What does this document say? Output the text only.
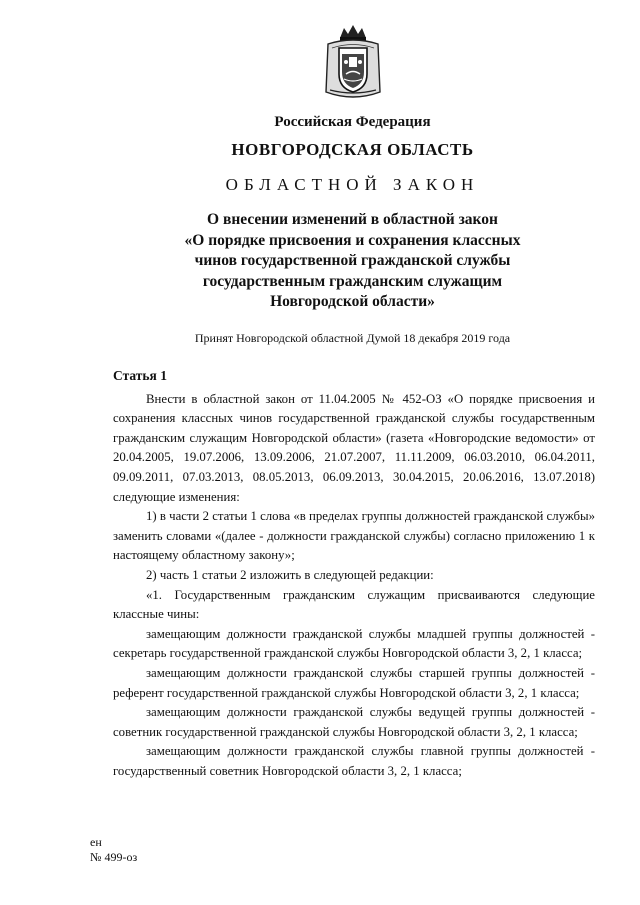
Российская Федерация
НОВГОРОДСКАЯ ОБЛАСТЬ
ОБЛАСТНОЙ ЗАКОН
О внесении изменений в областной закон
«О порядке присвоения и сохранения классных
чинов государственной гражданской службы
государственным гражданским служащим
Новгородской области»
Принят Новгородской областной Думой 18 декабря 2019 года

Статья 1

Внести в областной закон от 11.04.2005 № 452-ОЗ «О порядке присвоения и сохранения классных чинов государственной гражданской службы государственным гражданским служащим Новгородской области» (газета «Новгородские ведомости» от 20.04.2005, 19.07.2006, 13.09.2006, 21.07.2007, 11.11.2009, 06.03.2010, 06.04.2011, 09.09.2011, 07.03.2013, 08.05.2013, 06.09.2013, 30.04.2015, 20.06.2016, 13.07.2018) следующие изменения:

1) в части 2 статьи 1 слова «в пределах группы должностей гражданской службы» заменить словами «(далее - должности гражданской службы) согласно приложению 1 к настоящему областному закону»;

2) часть 1 статьи 2 изложить в следующей редакции:

«1. Государственным гражданским служащим присваиваются следующие классные чины:

замещающим должности гражданской службы младшей группы должностей - секретарь государственной гражданской службы Новгородской области 3, 2, 1 класса;

замещающим должности гражданской службы старшей группы должностей - референт государственной гражданской службы Новгородской области 3, 2, 1 класса;

замещающим должности гражданской службы ведущей группы должностей - советник государственной гражданской службы Новгородской области 3, 2, 1 класса;

замещающим должности гражданской службы главной группы должностей - государственный советник Новгородской области 3, 2, 1 класса;

ен
№ 499-оз
